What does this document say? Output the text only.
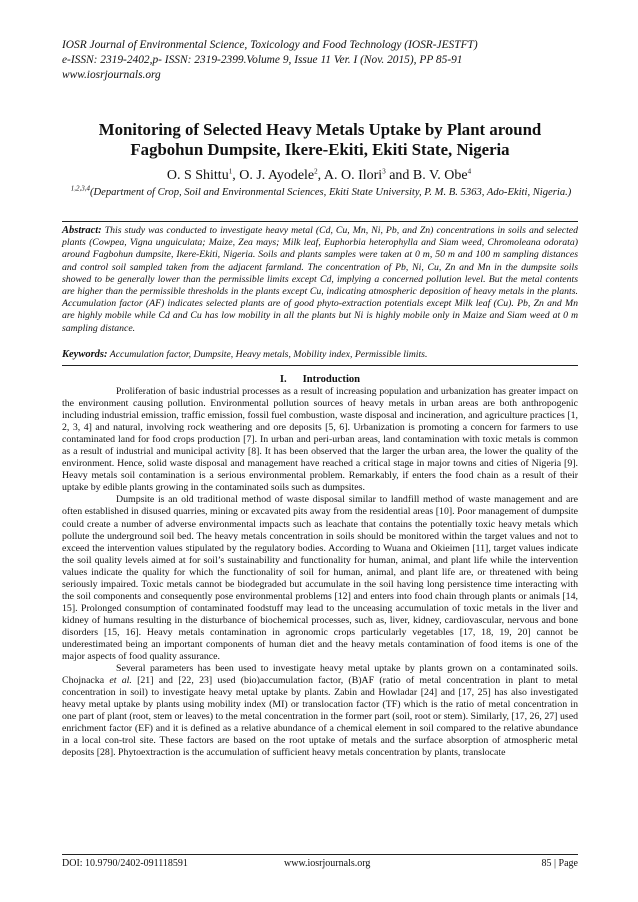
IOSR Journal of Environmental Science, Toxicology and Food Technology (IOSR-JESTFT)
e-ISSN: 2319-2402,p- ISSN: 2319-2399.Volume 9, Issue 11 Ver. I (Nov. 2015), PP 85-91
www.iosrjournals.org
Monitoring of Selected Heavy Metals Uptake by Plant around Fagbohun Dumpsite, Ikere-Ekiti, Ekiti State, Nigeria
O. S Shittu$^1$, O. J. Ayodele$^2$, A. O. Ilori$^3$ and B. V. Obe$^4$
$^{1,2,3,4}$(Department of Crop, Soil and Environmental Sciences, Ekiti State University, P. M. B. 5363, Ado-Ekiti, Nigeria.)
Abstract: This study was conducted to investigate heavy metal (Cd, Cu, Mn, Ni, Pb, and Zn) concentrations in soils and selected plants (Cowpea, Vigna unguiculata; Maize, Zea mays; Milk leaf, Euphorbia heterophylla and Siam weed, Chromoleana odorata) around Fagbohun dumpsite, Ikere-Ekiti, Nigeria. Soils and plants samples were taken at 0 m, 50 m and 100 m sampling distances and control soil sampled taken from the adjacent farmland. The concentration of Pb, Ni, Cu, Zn and Mn in the dumpsite soils showed to be generally lower than the permissible limits except Cd, implying a concerned pollution level. But the metal contents are higher than the permissible thresholds in the plants except Cu, indicating atmospheric deposition of heavy metals in the plants. Accumulation factor (AF) indicates selected plants are of good phyto-extraction potentials except Milk leaf (Cu). Pb, Zn and Mn are highly mobile while Cd and Cu has low mobility in all the plants but Ni is highly mobile only in Maize and Siam weed at 0 m sampling distance.
Keywords: Accumulation factor, Dumpsite, Heavy metals, Mobility index, Permissible limits.
I. Introduction

Proliferation of basic industrial processes as a result of increasing population and urbanization has greater impact on the environment causing pollution. Environmental pollution sources of heavy metals in urban areas are both anthropogenic including industrial emission, traffic emission, fossil fuel combustion, waste disposal and incineration, and agriculture practices [1, 2, 3, 4] and natural, involving rock weathering and ore deposits [5, 6]. Urbanization is promoting a concern for farmers to use contaminated land for food crops production [7]. In urban and peri-urban areas, land contamination with toxic metals is common as a result of industrial and municipal activity [8]. It has been observed that the larger the urban area, the lower the quality of the environment. Hence, solid waste disposal and management have reached a critical stage in major towns and cities of Nigeria [9]. Heavy metals soil contamination is a serious environmental problem. Remarkably, if enters the food chain as a result of their uptake by edible plants growing in the contaminated soils such as dumpsites.

Dumpsite is an old traditional method of waste disposal similar to landfill method of waste management and are often established in disused quarries, mining or excavated pits away from the residential areas [10]. Poor management of dumpsite could create a number of adverse environmental impacts such as leachate that contains the potentially toxic heavy metals which pollute the underground soil bed. The heavy metals concentration in soils should be monitored within the target values and not to exceed the intervention values stipulated by the regulatory bodies. According to Wuana and Okieimen [11], target values indicate the soil quality levels aimed at for soil’s sustainability and functionality for human, animal, and plant life while the intervention values indicate the quality for which the functionality of soil for human, animal, and plant life are, or threatened with being seriously impaired. Toxic metals cannot be biodegraded but accumulate in the soil having long persistence time interacting with the soil components and consequently pose environmental problems [12] and enters into food chain through plants or animals [14, 15]. Prolonged consumption of contaminated foodstuff may lead to the unceasing accumulation of toxic metals in the liver and kidney of humans resulting in the disturbance of biochemical processes, such as, liver, kidney, cardiovascular, nervous and bone disorders [15, 16]. Heavy metals contamination in agronomic crops particularly vegetables [17, 18, 19, 20] cannot be underestimated being an important components of human diet and the heavy metals contamination of food items is one of the major aspects of food quality assurance.

Several parameters has been used to investigate heavy metal uptake by plants grown on a contaminated soils. Chojnacka et al. [21] and [22, 23] used (bio)accumulation factor, (B)AF (ratio of metal concentration in plant to metal concentration in soil) to investigate heavy metal uptake by plants. Zabin and Howladar [24] and [17, 25] has also investigated heavy metal uptake by plants using mobility index (MI) or translocation factor (TF) which is the ratio of metal concentration in one part of plant (root, stem or leaves) to the metal concentration in the former part (soil, root or stem). Similarly, [17, 26, 27] used enrichment factor (EF) and it is defined as a relative abundance of a chemical element in soil compared to the relative abundance in a local con-trol site. These factors are based on the root uptake of metals and the surface absorption of atmospheric metal deposits [28]. Phytoextraction is the accumulation of sufficient heavy metals concentration by plants, translocate

DOI: 10.9790/2402-091118591	www.iosrjournals.org	85 | Page
